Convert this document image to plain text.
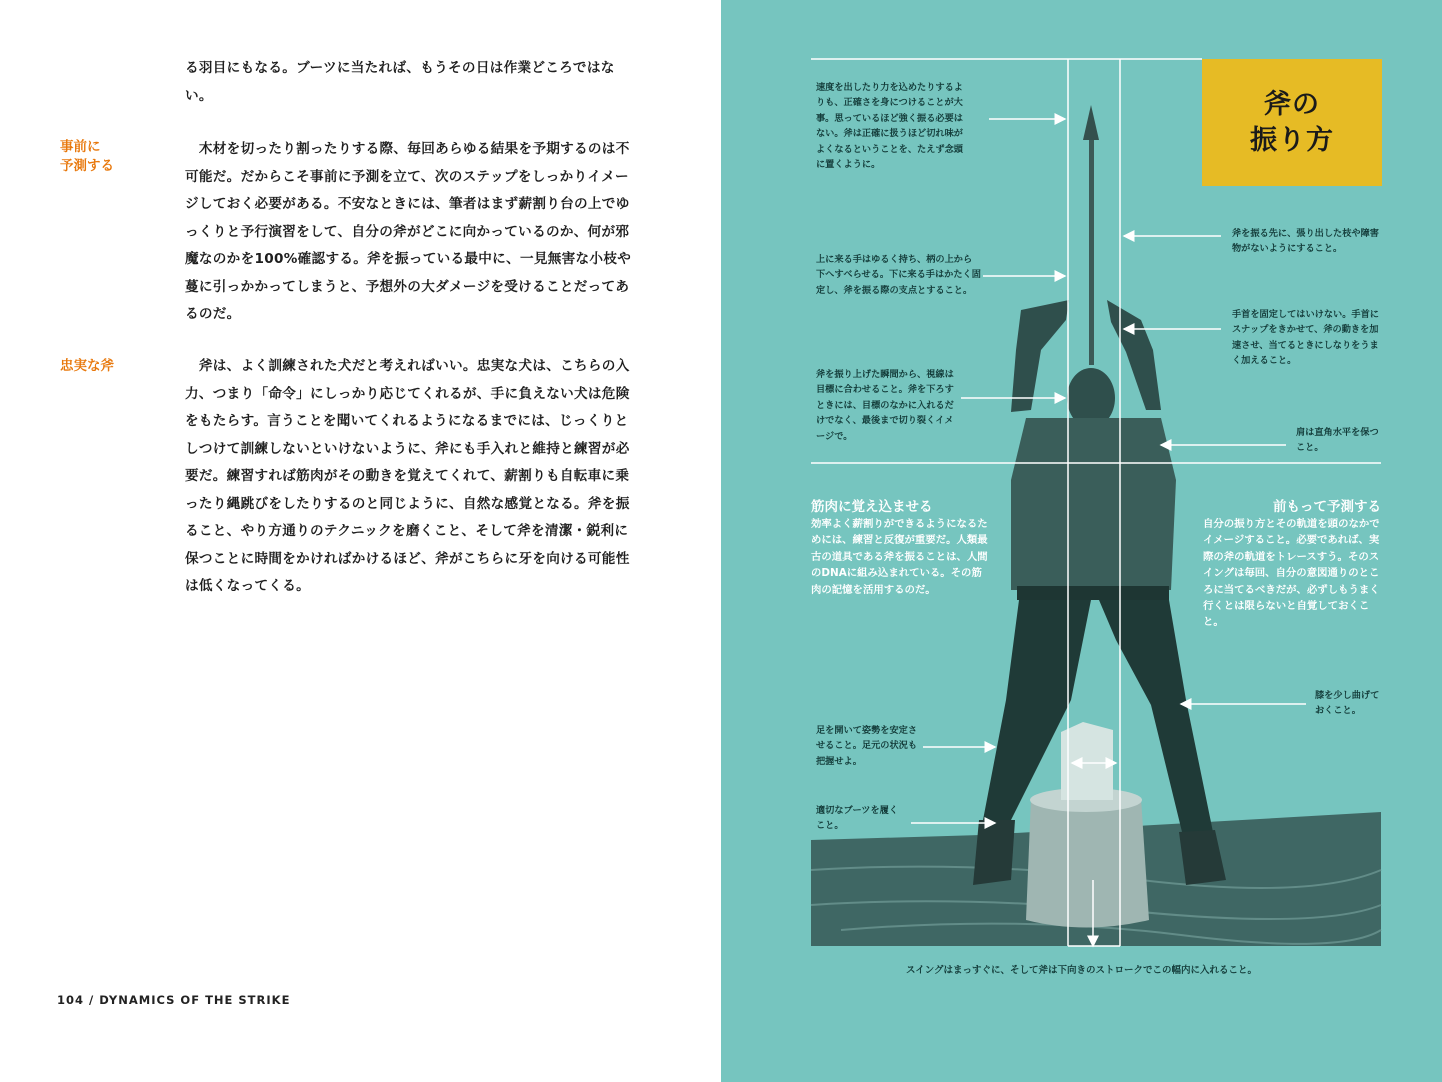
る羽目にもなる。ブーツに当たれば、もうその日は作業どころではない。

事前に
予測する

　木材を切ったり割ったりする際、毎回あらゆる結果を予期するのは不可能だ。だからこそ事前に予測を立て、次のステップをしっかりイメージしておく必要がある。不安なときには、筆者はまず薪割り台の上でゆっくりと予行演習をして、自分の斧がどこに向かっているのか、何が邪魔なのかを100%確認する。斧を振っている最中に、一見無害な小枝や蔓に引っかかってしまうと、予想外の大ダメージを受けることだってあるのだ。

忠実な斧	　斧は、よく訓練された犬だと考えればいい。忠実な犬は、こちらの入力、つまり「命令」にしっかり応じてくれるが、手に負えない犬は危険をもたらす。言うことを聞いてくれるようになるまでには、じっくりとしつけて訓練しないといけないように、斧にも手入れと維持と練習が必要だ。練習すれば筋肉がその動きを覚えてくれて、薪割りも自転車に乗ったり縄跳びをしたりするのと同じように、自然な感覚となる。斧を振ること、やり方通りのテクニックを磨くこと、そして斧を清潔・鋭利に保つことに時間をかければかけるほど、斧がこちらに牙を向ける可能性は低くなってくる。

104 / DYNAMICS OF THE STRIKE
斧の
振り方

速度を出したり力を込めたりするよりも、正確さを身につけることが大事。思っているほど強く振る必要はない。斧は正確に扱うほど切れ味がよくなるということを、たえず念頭に置くように。

斧を振る先に、張り出した枝や障害物がないようにすること。

上に来る手はゆるく持ち、柄の上から下へすべらせる。下に来る手はかたく固定し、斧を振る際の支点とすること。

手首を固定してはいけない。手首にスナップをきかせて、斧の動きを加速させ、当てるときにしなりをうまく加えること。

斧を振り上げた瞬間から、視線は目標に合わせること。斧を下ろすときには、目標のなかに入れるだけでなく、最後まで切り裂くイメージで。	肩は直角水平を保つこと。

筋肉に覚え込ませる

効率よく薪割りができるようになるためには、練習と反復が重要だ。人類最古の道具である斧を振ることは、人間のDNAに組み込まれている。その筋肉の記憶を活用するのだ。

前もって予測する

自分の振り方とその軌道を頭のなかでイメージすること。必要であれば、実際の斧の軌道をトレースすう。そのスイングは毎回、自分の意図通りのところに当てるべきだが、必ずしもうまく行くとは限らないと自覚しておくこと。

膝を少し曲げておくこと。

足を開いて姿勢を安定させること。足元の状況も把握せよ。

適切なブーツを履くこと。

スイングはまっすぐに、そして斧は下向きのストロークでこの幅内に入れること。
